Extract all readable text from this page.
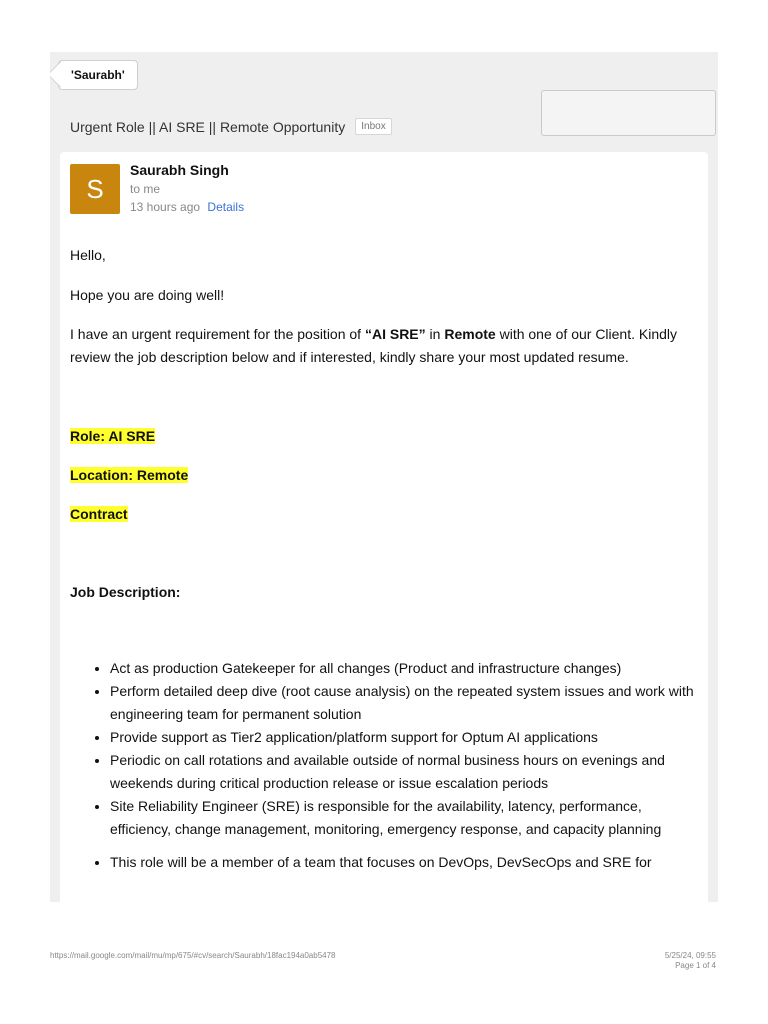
'Saurabh'
Urgent Role || AI SRE || Remote Opportunity	Inbox
S
Saurabh Singh
to me
13 hours ago Details

Hello,

Hope you are doing well!

I have an urgent requirement for the position of “AI SRE” in Remote with one of our Client. Kindly review the job description below and if interested, kindly share your most updated resume.

Role: AI SRE

Location: Remote

Contract

Job Description:

• Act as production Gatekeeper for all changes (Product and infrastructure changes)
• Perform detailed deep dive (root cause analysis) on the repeated system issues and work with engineering team for permanent solution
• Provide support as Tier2 application/platform support for Optum AI applications
• Periodic on call rotations and available outside of normal business hours on evenings and weekends during critical production release or issue escalation periods
• Site Reliability Engineer (SRE) is responsible for the availability, latency, performance, efficiency, change management, monitoring, emergency response, and capacity planning
• This role will be a member of a team that focuses on DevOps, DevSecOps and SRE for
https://mail.google.com/mail/mu/mp/675/#cv/search/Saurabh/18fac194a0ab5478	5/25/24, 09:55
Page 1 of 4
